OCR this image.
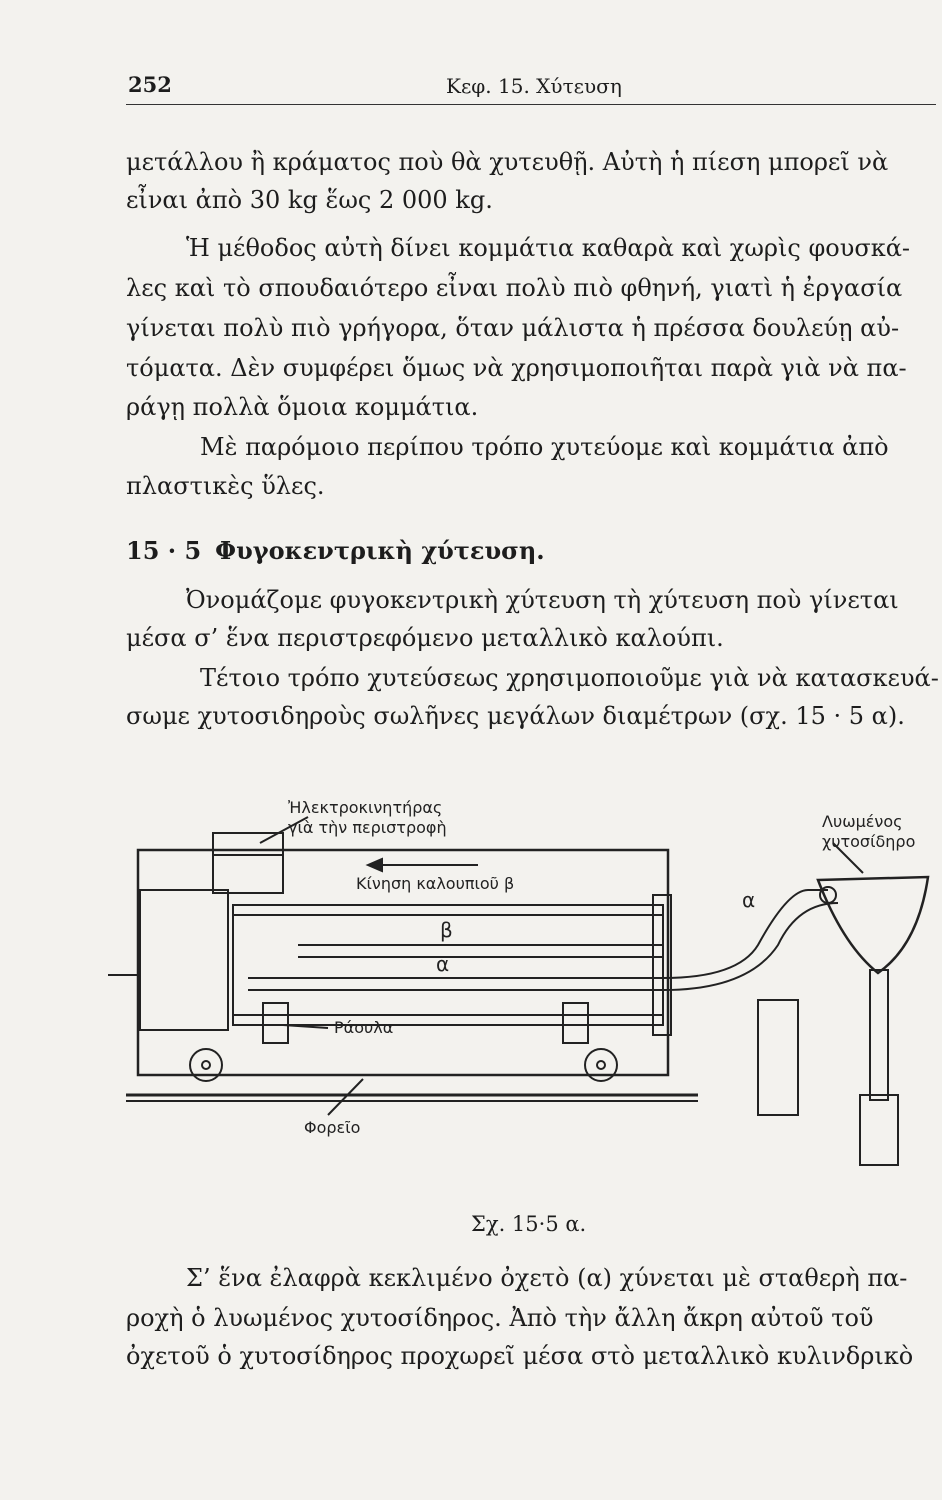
252	Κεφ. 15. Χύτευση
μετάλλου ἢ κράματος ποὺ θὰ χυτευθῇ. Αὐτὴ ἡ πίεση μπορεῖ νὰ
εἶναι ἀπὸ 30 kg ἕως 2 000 kg.
Ἡ μέθοδος αὐτὴ δίνει κομμάτια καθαρὰ καὶ χωρὶς φουσκά-
λες καὶ τὸ σπουδαιότερο εἶναι πολὺ πιὸ φθηνή, γιατὶ ἡ ἐργασία
γίνεται πολὺ πιὸ γρήγορα, ὅταν μάλιστα ἡ πρέσσα δουλεύῃ αὐ-
τόματα. Δὲν συμφέρει ὅμως νὰ χρησιμοποιῆται παρὰ γιὰ νὰ πα-
ράγῃ πολλὰ ὅμοια κομμάτια.
Μὲ παρόμοιο περίπου τρόπο χυτεύομε καὶ κομμάτια ἀπὸ
πλαστικὲς ὕλες.
15 · 5 Φυγοκεντρικὴ χύτευση.
Ὀνομάζομε φυγοκεντρικὴ χύτευση τὴ χύτευση ποὺ γίνεται
μέσα σ’ ἕνα περιστρεφόμενο μεταλλικὸ καλούπι.
Τέτοιο τρόπο χυτεύσεως χρησιμοποιοῦμε γιὰ νὰ κατασκευά-
σωμε χυτοσιδηροὺς σωλῆνες μεγάλων διαμέτρων (σχ. 15 · 5 α).
Ἠλεκτροκινητήρας
γιὰ τὴν περιστροφὴ
Κίνηση καλουπιοῦ β
Λυωμένος
χυτοσίδηρο
α
β
α
Ράουλα
Φορεῖο
Σχ. 15·5 α.
Σ’ ἕνα ἐλαφρὰ κεκλιμένο ὀχετὸ (α) χύνεται μὲ σταθερὴ πα-
ροχὴ ὁ λυωμένος χυτοσίδηρος. Ἀπὸ τὴν ἄλλη ἄκρη αὐτοῦ τοῦ
ὀχετοῦ ὁ χυτοσίδηρος προχωρεῖ μέσα στὸ μεταλλικὸ κυλινδρικὸ
